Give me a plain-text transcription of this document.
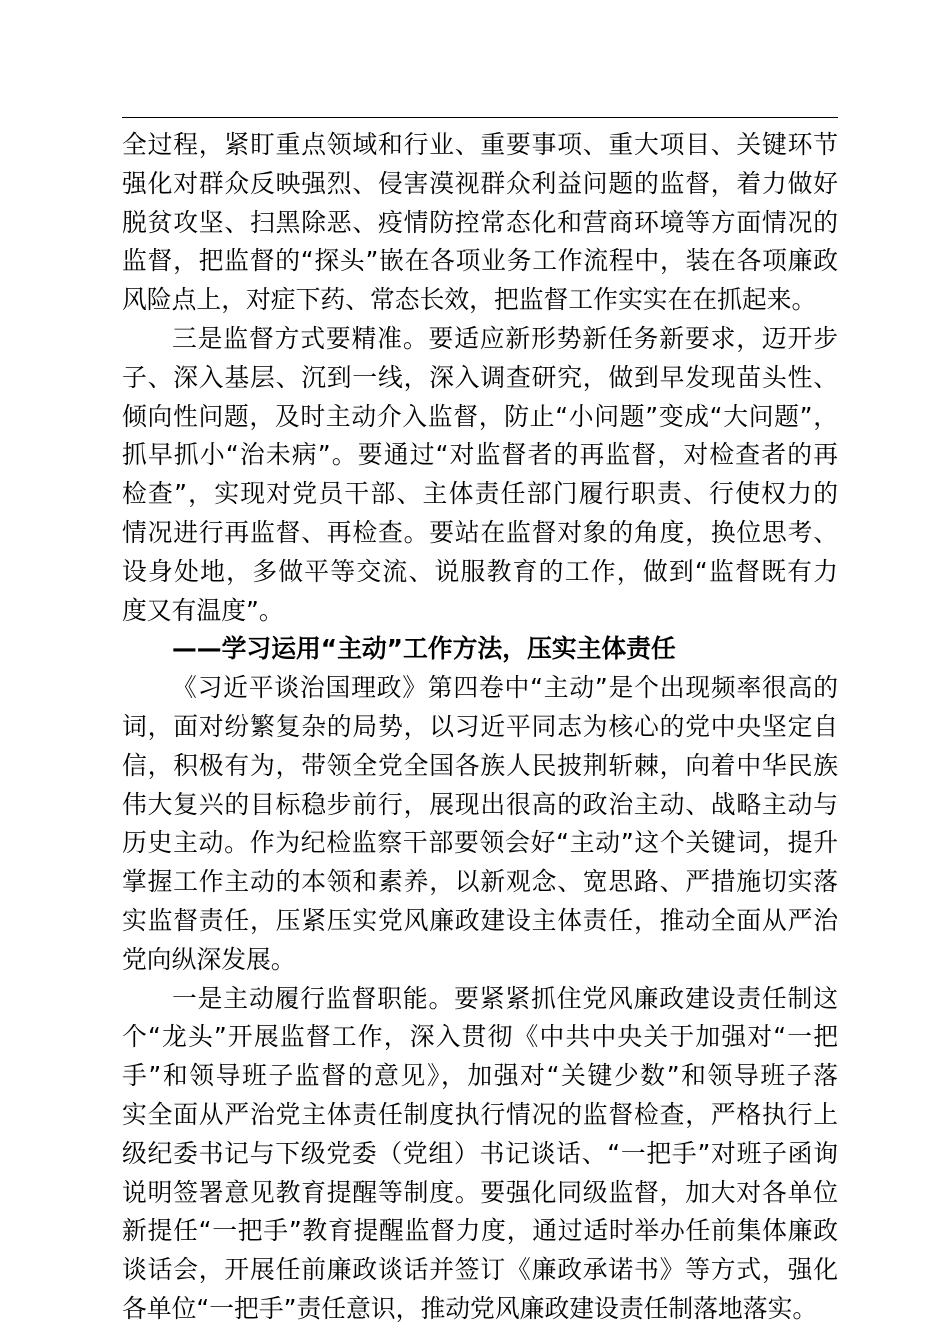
全过程，紧盯重点领域和行业、重要事项、重大项目、关键环节
强化对群众反映强烈、侵害漠视群众利益问题的监督，着力做好
脱贫攻坚、扫黑除恶、疫情防控常态化和营商环境等方面情况的
监督，把监督的“探头”嵌在各项业务工作流程中，装在各项廉政
风险点上，对症下药、常态长效，把监督工作实实在在抓起来。
三是监督方式要精准。要适应新形势新任务新要求，迈开步
子、深入基层、沉到一线，深入调查研究，做到早发现苗头性、
倾向性问题，及时主动介入监督，防止“小问题”变成“大问题”，
抓早抓小“治未病”。要通过“对监督者的再监督，对检查者的再
检查”，实现对党员干部、主体责任部门履行职责、行使权力的
情况进行再监督、再检查。要站在监督对象的角度，换位思考、
设身处地，多做平等交流、说服教育的工作，做到“监督既有力
度又有温度”。
——学习运用“主动”工作方法，压实主体责任
《习近平谈治国理政》第四卷中“主动”是个出现频率很高的
词，面对纷繁复杂的局势，以习近平同志为核心的党中央坚定自
信，积极有为，带领全党全国各族人民披荆斩棘，向着中华民族
伟大复兴的目标稳步前行，展现出很高的政治主动、战略主动与
历史主动。作为纪检监察干部要领会好“主动”这个关键词，提升
掌握工作主动的本领和素养，以新观念、宽思路、严措施切实落
实监督责任，压紧压实党风廉政建设主体责任，推动全面从严治
党向纵深发展。
一是主动履行监督职能。要紧紧抓住党风廉政建设责任制这
个“龙头”开展监督工作，深入贯彻《中共中央关于加强对“一把
手”和领导班子监督的意见》，加强对“关键少数”和领导班子落
实全面从严治党主体责任制度执行情况的监督检查，严格执行上
级纪委书记与下级党委（党组）书记谈话、“一把手”对班子函询
说明签署意见教育提醒等制度。要强化同级监督，加大对各单位
新提任“一把手”教育提醒监督力度，通过适时举办任前集体廉政
谈话会，开展任前廉政谈话并签订《廉政承诺书》等方式，强化
各单位“一把手”责任意识，推动党风廉政建设责任制落地落实。
